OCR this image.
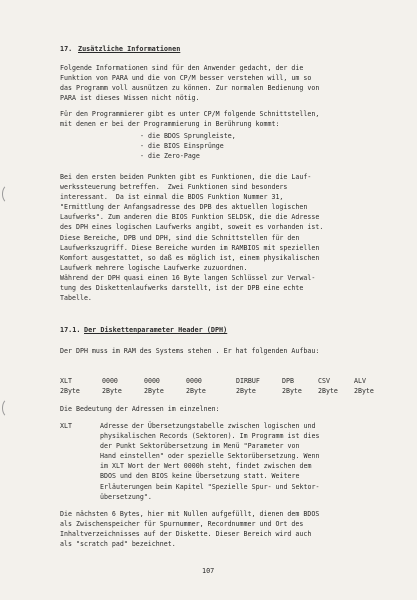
17. Zusätzliche Informationen
Folgende Informationen sind für den Anwender gedacht, der die
Funktion von PARA und die von CP/M besser verstehen will, um so
das Programm voll ausnützen zu können. Zur normalen Bedienung von
PARA ist dieses Wissen nicht nötig.
Für den Programmierer gibt es unter CP/M folgende Schnittstellen,
mit denen er bei der Programmierung in Berührung kommt:
- die BDOS Sprungleiste,
- die BIOS Einsprünge
- die Zero-Page
Bei den ersten beiden Punkten gibt es Funktionen, die die Lauf-
werkssteuerung betreffen.  Zwei Funktionen sind besonders
interessant.  Da ist einmal die BDOS Funktion Nummer 31,
"Ermittlung der Anfangsadresse des DPB des aktuellen logischen
Laufwerks". Zum anderen die BIOS Funktion SELDSK, die die Adresse
des DPH eines logischen Laufwerks angibt, soweit es vorhanden ist.
Diese Bereiche, DPB und DPH, sind die Schnittstellen für den
Laufwerkszugriff. Diese Bereiche wurden im RAMBIOS mit speziellen
Komfort ausgestattet, so daß es möglich ist, einem physikalischen
Laufwerk mehrere logische Laufwerke zuzuordnen.
Während der DPH quasi einen 16 Byte langen Schlüssel zur Verwal-
tung des Diskettenlaufwerks darstellt, ist der DPB eine echte
Tabelle.
17.1. Der Diskettenparameter Header (DPH)
Der DPH muss im RAM des Systems stehen . Er hat folgenden Aufbau:
XLT
2Byte
0000
2Byte
0000
2Byte
0000
2Byte
DIRBUF
2Byte
DPB
2Byte
CSV
2Byte
ALV
2Byte
Die Bedeutung der Adressen im einzelnen:
XLT	Adresse der Übersetzungstabelle zwischen logischen und
physikalischen Records (Sektoren). Im Programm ist dies
der Punkt Sektorübersetzung im Menü "Parameter von
Hand einstellen" oder spezielle Sektorübersetzung. Wenn
im XLT Wort der Wert 0000h steht, findet zwischen dem
BDOS und den BIOS keine Übersetzung statt. Weitere
Erläuterungen beim Kapitel "Spezielle Spur- und Sektor-
übersetzung".
Die nächsten 6 Bytes, hier mit Nullen aufgefüllt, dienen dem BDOS
als Zwischenspeicher für Spurnummer, Recordnummer und Ort des
Inhaltverzeichnisses auf der Diskette. Dieser Bereich wird auch
als "scratch pad" bezeichnet.
107
